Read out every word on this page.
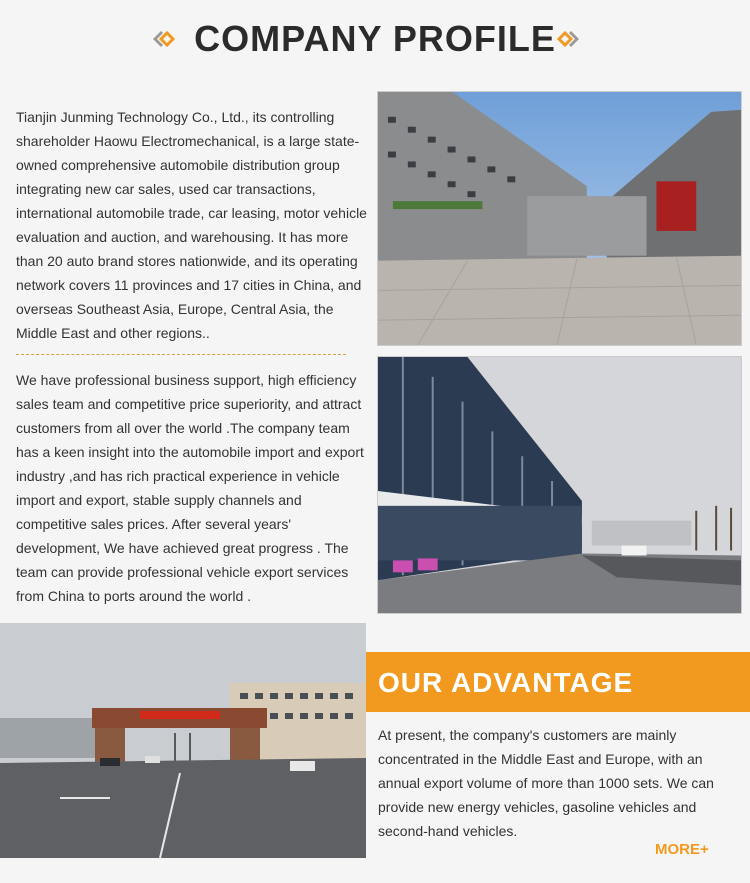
COMPANY PROFILE
Tianjin Junming Technology Co., Ltd., its controlling shareholder Haowu Electromechanical, is a large state-owned comprehensive automobile distribution group integrating new car sales, used car transactions, international automobile trade, car leasing, motor vehicle evaluation and auction, and warehousing. It has more than 20 auto brand stores nationwide, and its operating network covers 11 provinces and 17 cities in China, and overseas Southeast Asia, Europe, Central Asia, the Middle East and other regions..
We have professional business support, high efficiency sales team and competitive price superiority, and attract customers from all over the world .The company team has a keen insight into the automobile import and export industry ,and has rich practical experience in vehicle import and export, stable supply channels and competitive sales prices. After several years' development, We have achieved great progress . The team can provide professional vehicle export services from China to ports around the world .
OUR ADVANTAGE
At present, the company's customers are mainly concentrated in the Middle East and Europe, with an annual export volume of more than 1000 sets. We can provide new energy vehicles, gasoline vehicles and second-hand vehicles.
MORE+
